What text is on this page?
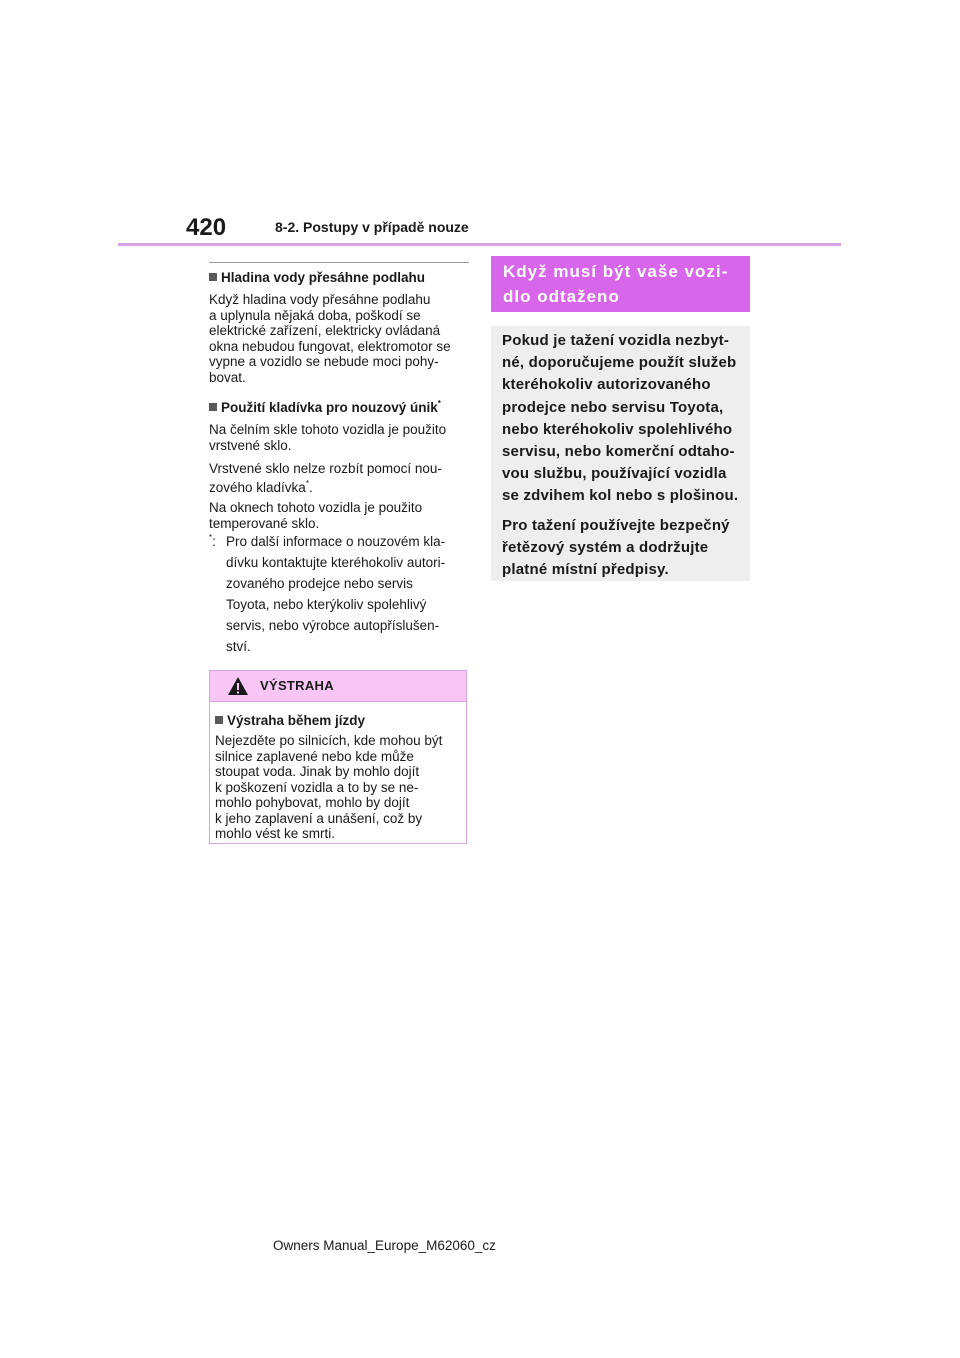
420	8-2. Postupy v případě nouze

Hladina vody přesáhne podlahu

Když hladina vody přesáhne podlahu
a uplynula nějaká doba, poškodí se
elektrické zařízení, elektricky ovládaná
okna nebudou fungovat, elektromotor se
vypne a vozidlo se nebude moci pohy-
bovat.

Použití kladívka pro nouzový únik*

Na čelním skle tohoto vozidla je použito
vrstvené sklo.

Vrstvené sklo nelze rozbít pomocí nou-
zového kladívka*.

Na oknech tohoto vozidla je použito
temperované sklo.

*: Pro další informace o nouzovém kla-
dívku kontaktujte kteréhokoliv autori-
zovaného prodejce nebo servis
Toyota, nebo kterýkoliv spolehlivý
servis, nebo výrobce autopříslušen-
ství.
VÝSTRAHA

Výstraha během jízdy

Nejezděte po silnicích, kde mohou být
silnice zaplavené nebo kde může
stoupat voda. Jinak by mohlo dojít
k poškození vozidla a to by se ne-
mohlo pohybovat, mohlo by dojít
k jeho zaplavení a unášení, což by
mohlo vést ke smrti.

Když musí být vaše vozi-
dlo odtaženo

Pokud je tažení vozidla nezbyt-
né, doporučujeme použít služeb
kteréhokoliv autorizovaného
prodejce nebo servisu Toyota,
nebo kteréhokoliv spolehlivého
servisu, nebo komerční odtaho-
vou službu, používající vozidla
se zdvihem kol nebo s plošinou.

Pro tažení používejte bezpečný
řetězový systém a dodržujte
platné místní předpisy.

Owners Manual_Europe_M62060_cz
